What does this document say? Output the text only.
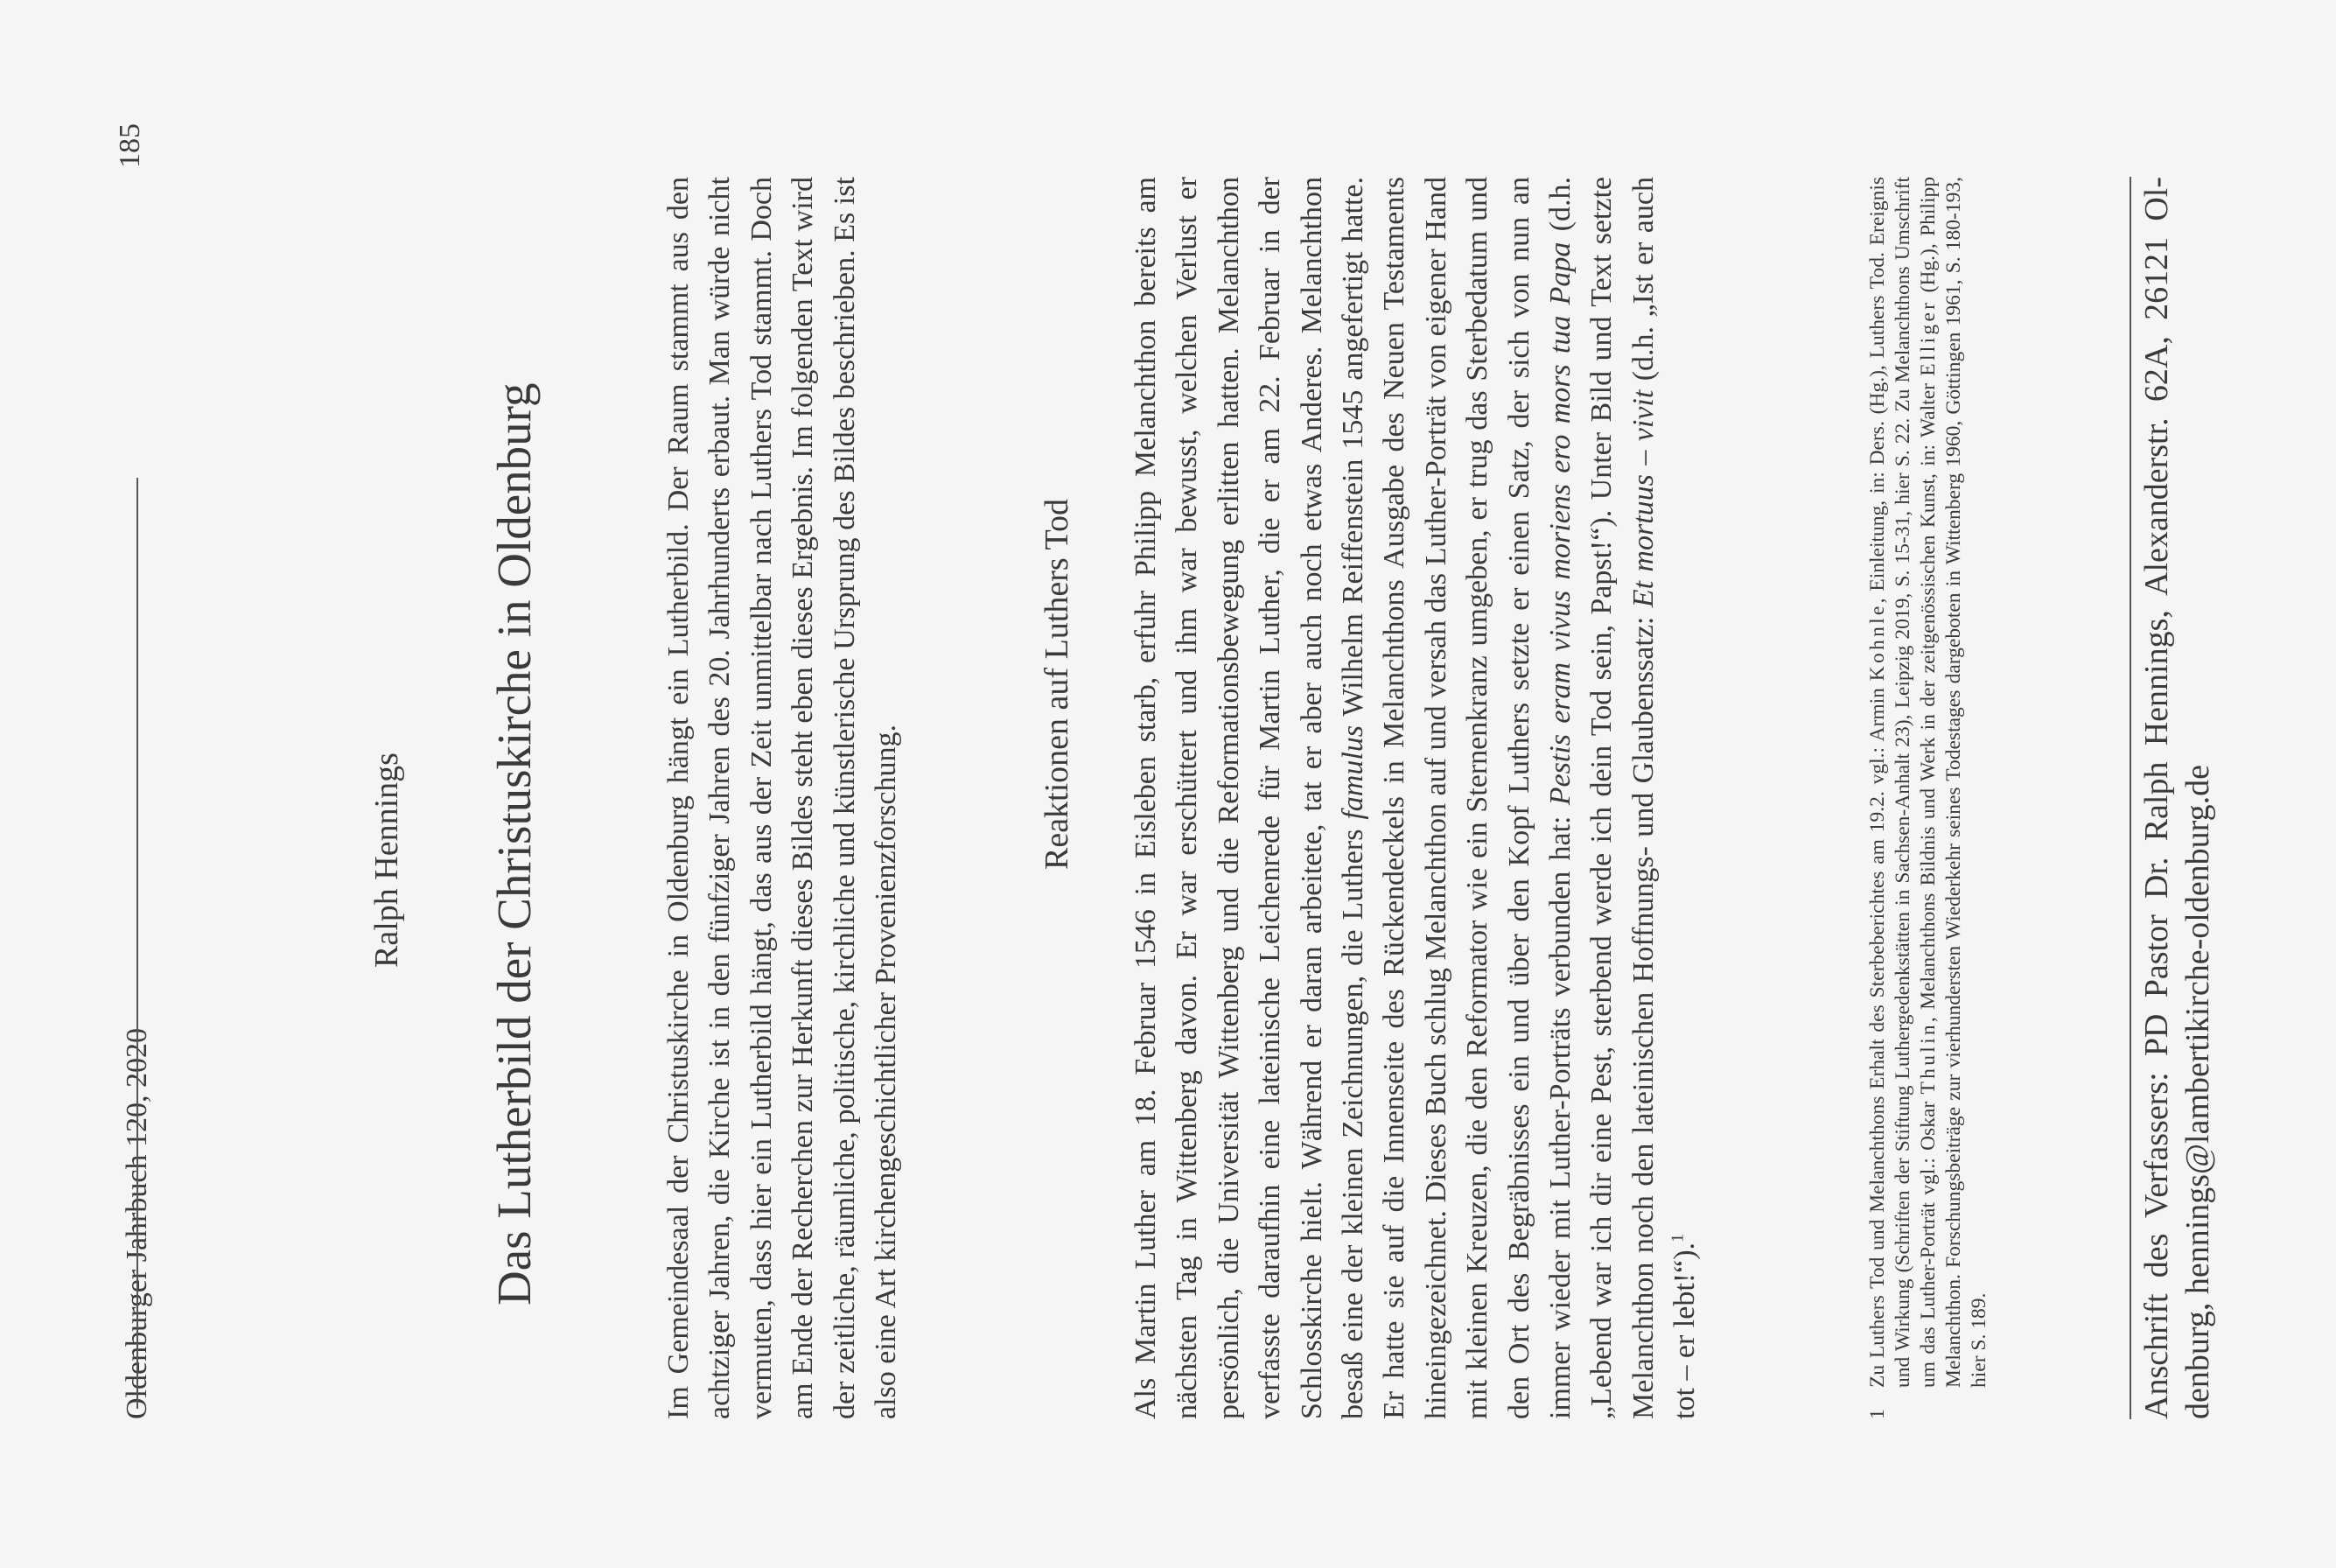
Oldenburger Jahrbuch 120, 2020
185
Ralph Hennings Das Lutherbild der Christuskirche in Oldenburg	Im Gemeindesaal der Christuskirche in Oldenburg hängt ein Lutherbild. Der Raum stammt aus den achtziger Jahren, die Kirche ist in den fünfziger Jahren des 20. Jahrhunderts erbaut. Man würde nicht vermuten, dass hier ein Lutherbild hängt, das aus der Zeit unmittelbar nach Luthers Tod stammt. Doch am Ende der Recherchen zur Herkunft dieses Bildes steht eben dieses Ergebnis. Im folgenden Text wird der zeitliche, räumliche, politische, kirchliche und künstlerische Ursprung des Bildes beschrieben. Es ist also eine Art kirchengeschichtlicher Provenienzforschung.

Reaktionen auf Luthers Tod Als Martin Luther am 18. Februar 1546 in Eisleben starb, erfuhr Philipp Melanchthon bereits am nächsten Tag in Wittenberg davon. Er war erschüttert und ihm war bewusst, welchen Verlust er persönlich, die Universität Wittenberg und die Reformationsbewegung erlitten hatten. Melanchthon verfasste daraufhin eine lateinische Leichenrede für Martin Luther, die er am 22. Februar in der Schlosskirche hielt. Während er daran arbeitete, tat er aber auch noch etwas Anderes. Melanchthon besaß eine der kleinen Zeichnungen, die Luthers famulus Wilhelm Reiffenstein 1545 angefertigt hatte. Er hatte sie auf die Innenseite des Rückendeckels in Melanchthons Ausgabe des Neuen Testaments hineingezeichnet. Dieses Buch schlug Melanchthon auf und versah das Luther-Porträt von eigener Hand mit kleinen Kreuzen, die den Reformator wie ein Sternenkranz umgeben, er trug das Sterbedatum und den Ort des Begräbnisses ein und über den Kopf Luthers setzte er einen Satz, der sich von nun an immer wieder mit Luther-Porträts verbunden hat: Pestis eram vivus moriens ero mors tua Papa (d.h. „Lebend war ich dir eine Pest, sterbend werde ich dein Tod sein, Papst!“). Unter Bild und Text setzte Melanchthon noch den lateinischen Hoffnungs- und Glaubenssatz: Et mortuus – vivit (d.h. „Ist er auch tot – er lebt!“).$^1$

1
Zu Luthers Tod und Melanchthons Erhalt des Sterbeberichtes am 19.2. vgl.: Armin Kohnle, Einleitung, in: Ders. (Hg.), Luthers Tod. Ereignis und Wirkung (Schriften der Stiftung Luthergedenkstätten in Sachsen-Anhalt 23), Leipzig 2019, S. 15-31, hier S. 22. Zu Melanchthons Umschrift um das Luther-Porträt vgl.: Oskar Thulin, Melanchthons Bildnis und Werk in der zeitgenössischen Kunst, in: Walter Elliger (Hg.), Philipp Melanchthon. Forschungsbeiträge zur vierhundersten Wiederkehr seines Todestages dargeboten in Wittenberg 1960, Göttingen 1961, S. 180-193, hier S. 189.	Anschrift des Verfassers: PD Pastor Dr. Ralph Hennings, Alexanderstr. 62A, 26121 Oldenburg, hennings@lambertikirche-oldenburg.de
